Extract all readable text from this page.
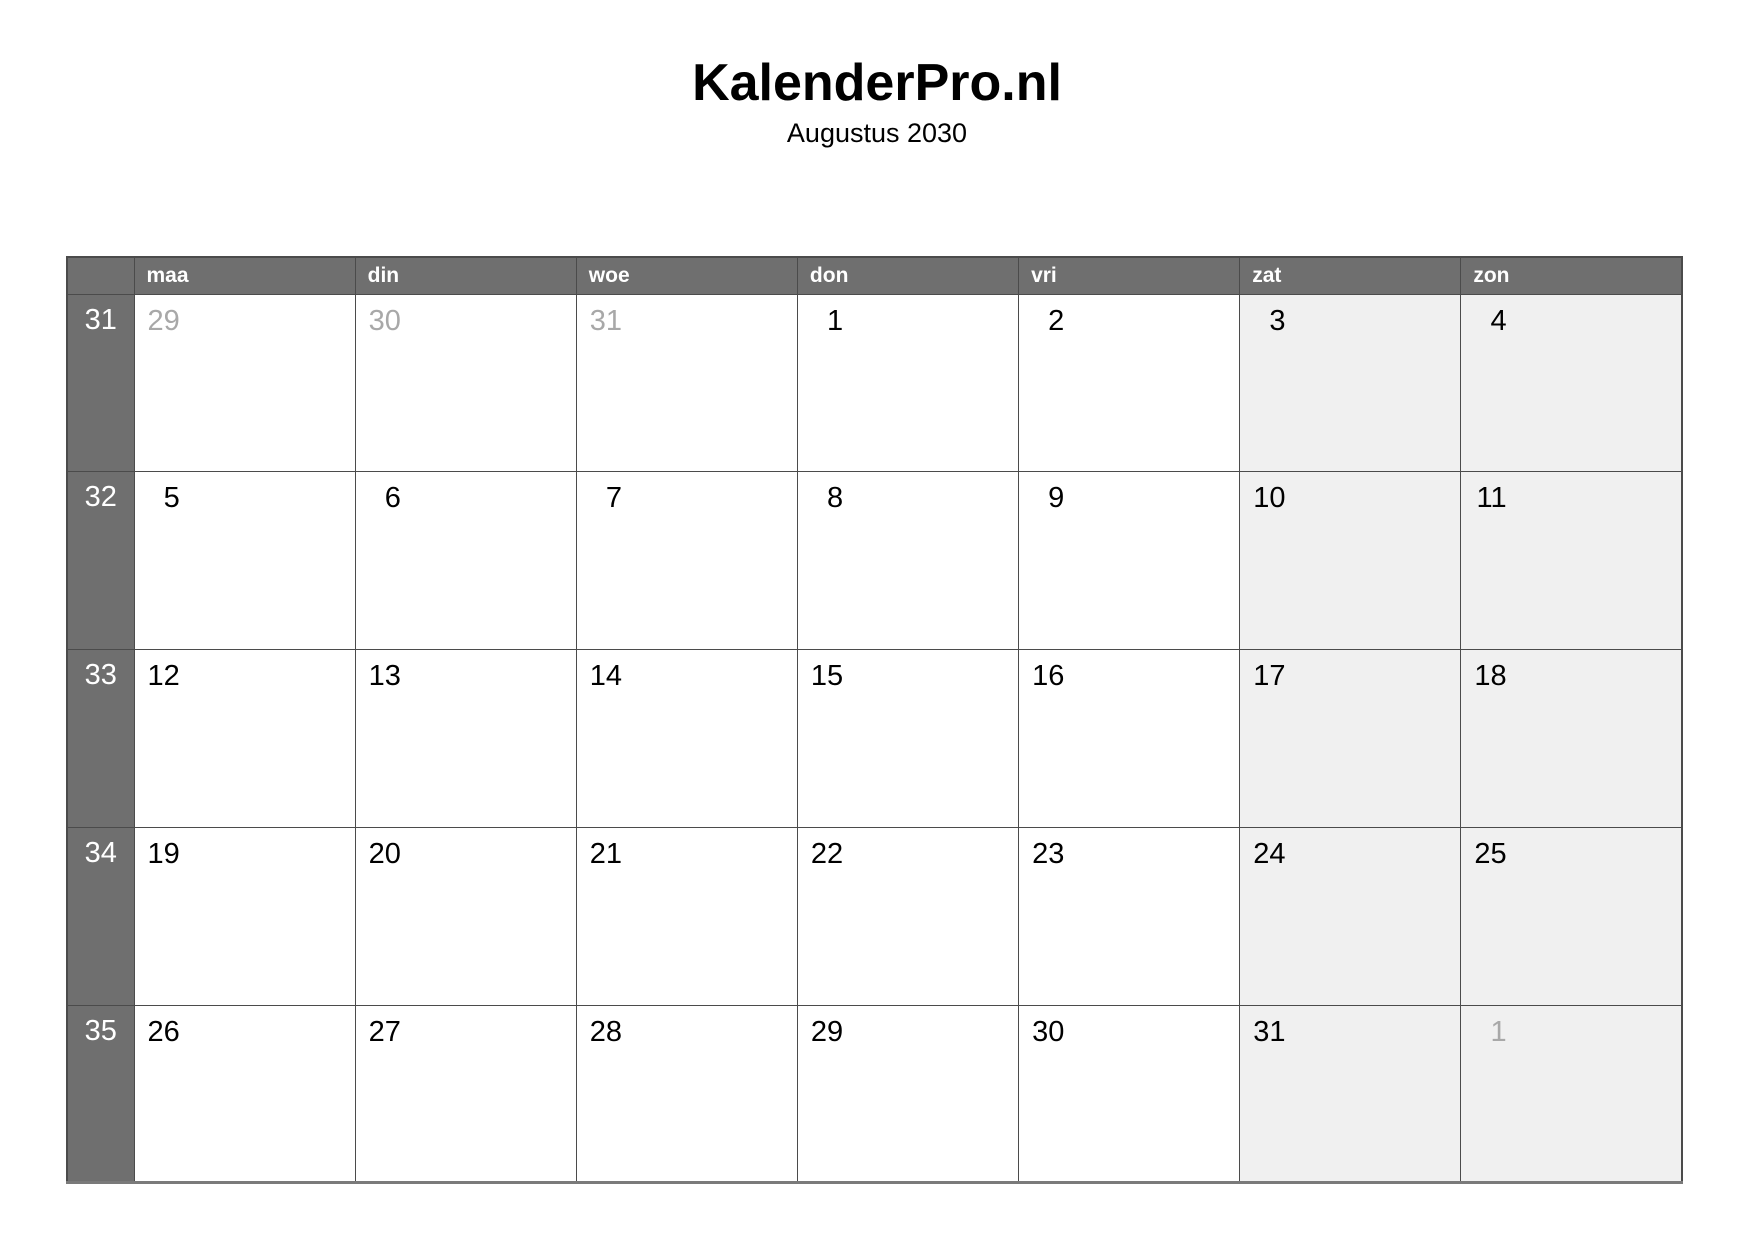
KalenderPro.nl
Augustus 2030
	maa	din	woe	don	vri	zat	zon
31	29	30	31	1	2	3	4
32	5	6	7	8	9	10	11
33	12	13	14	15	16	17	18
34	19	20	21	22	23	24	25
35	26	27	28	29	30	31	1
